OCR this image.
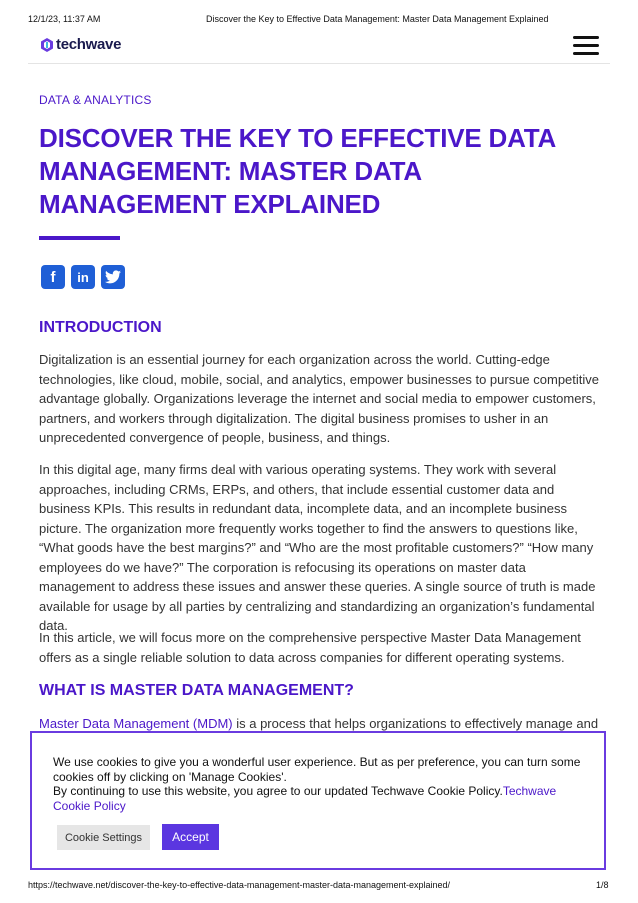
12/1/23, 11:37 AM	Discover the Key to Effective Data Management: Master Data Management Explained
techwave
DATA & ANALYTICS
DISCOVER THE KEY TO EFFECTIVE DATA MANAGEMENT: MASTER DATA MANAGEMENT EXPLAINED
f	in
INTRODUCTION

Digitalization is an essential journey for each organization across the world. Cutting-edge technologies, like cloud, mobile, social, and analytics, empower businesses to pursue competitive advantage globally. Organizations leverage the internet and social media to empower customers, partners, and workers through digitalization. The digital business promises to usher in an unprecedented convergence of people, business, and things.

In this digital age, many firms deal with various operating systems. They work with several approaches, including CRMs, ERPs, and others, that include essential customer data and business KPIs. This results in redundant data, incomplete data, and an incomplete business picture. The organization more frequently works together to find the answers to questions like, “What goods have the best margins?” and “Who are the most profitable customers?” “How many employees do we have?” The corporation is refocusing its operations on master data management to address these issues and answer these queries. A single source of truth is made available for usage by all parties by centralizing and standardizing an organization’s fundamental data.

In this article, we will focus more on the comprehensive perspective Master Data Management offers as a single reliable solution to data across companies for different operating systems.

WHAT IS MASTER DATA MANAGEMENT?

Master Data Management (MDM) is a process that helps organizations to effectively manage and

We use cookies to give you a wonderful user experience. But as per preference, you can turn some cookies off by clicking on 'Manage Cookies'.
By continuing to use this website, you agree to our updated Techwave Cookie Policy.Techwave Cookie Policy

Cookie Settings	Accept
https://techwave.net/discover-the-key-to-effective-data-management-master-data-management-explained/	1/8
